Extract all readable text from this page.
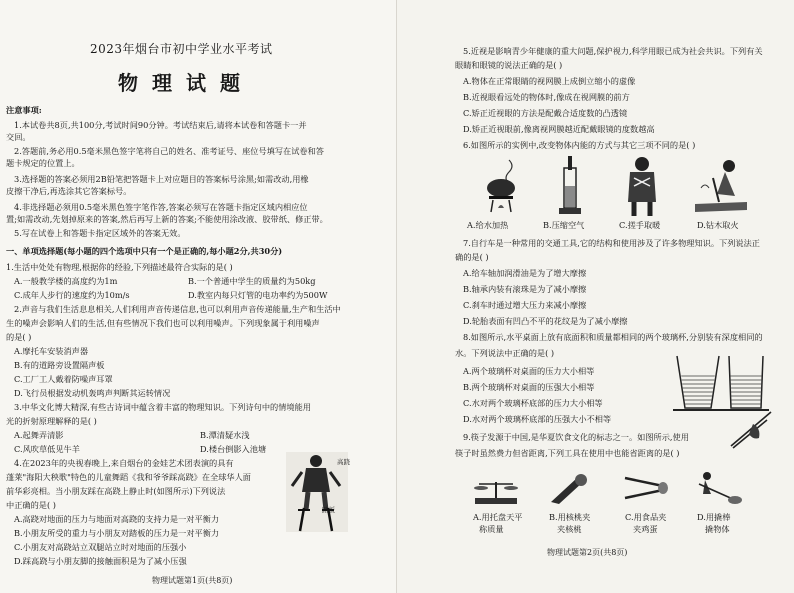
2023年烟台市初中学业水平考试
物理试题
注意事项:
1.本试卷共8页,共100分,考试时间90分钟。考试结束后,请将本试卷和答题卡一并
交回。
2.答题前,务必用0.5毫米黑色签字笔将自己的姓名、准考证号、座位号填写在试卷和答
题卡规定的位置上。
3.选择题的答案必须用2B铅笔把答题卡上对应题目的答案标号涂黑;如需改动,用橡
皮擦干净后,再选涂其它答案标号。
4.非选择题必须用0.5毫米黑色签字笔作答,答案必须写在答题卡指定区域内相应位
置;如需改动,先划掉原来的答案,然后再写上新的答案;不能使用涂改液、胶带纸、修正带。
5.写在试卷上和答题卡指定区域外的答案无效。
一、单项选择题(每小题的四个选项中只有一个是正确的,每小题2分,共30分)
1.生活中处处有物理,根据你的经验,下列描述最符合实际的是( )
A.一般教学楼的高度约为1m	B.一个普通中学生的质量约为50kg
C.成年人步行的速度约为10m/s	D.教室内每只灯管的电功率约为500W
2.声音与我们生活息息相关,人们利用声音传递信息,也可以利用声音传递能量,生产和生活中
生的噪声会影响人们的生活,但有些情况下我们也可以利用噪声。下列现象属于利用噪声
的是( )
A.摩托车安装消声器
B.有的道路旁设置隔声板
C.工厂工人戴着防噪声耳罩
D.飞行员根据发动机轰鸣声判断其运转情况
3.中华文化博大精深,有些古诗词中蕴含着丰富的物理知识。下列诗句中的情境能用
光的折射原理解释的是( )
A.起舞弄清影	B.潭清疑水浅
C.风吹草低见牛羊	D.楼台倒影入池塘
4.在2023年的央视春晚上,来自烟台的金娃艺术团表演的具有
蓬莱"海阳大秧歌"特色的儿童舞蹈《我和爷爷踩高跷》在全球华人面
前华彩亮相。当小朋友踩在高跷上静止时(如图所示)下列说法
中正确的是( )
A.高跷对地面的压力与地面对高跷的支持力是一对平衡力
B.小朋友所受的重力与小朋友对踏板的压力是一对平衡力
C.小朋友对高跷站立双腿站立时对地面的压强小
D.踩高跷与小朋友脚的接触面积是为了减小压强
高跷
踏板
物理试题第1页(共8页)
5.近视是影响青少年健康的重大问题,保护视力,科学用眼已成为社会共识。下列有关
眼睛和眼镜的说法正确的是( )
A.物体在正常眼睛的视网膜上成倒立缩小的虚像
B.近视眼看远处的物体时,像成在视网膜的前方
C.矫正近视眼的方法是配戴合适度数的凸透镜
D.矫正近视眼前,像离视网膜越近配戴眼镜的度数越高
6.如图所示的实例中,改变物体内能的方式与其它三项不同的是( )
A.给水加热	B.压缩空气	C.搓手取暖	D.钻木取火
7.自行车是一种常用的交通工具,它的结构和使用涉及了许多物理知识。下列说法正
确的是( )
A.给车轴加润滑油是为了增大摩擦
B.轴承内装有滚珠是为了减小摩擦
C.刹车时通过增大压力来减小摩擦
D.轮胎表面有凹凸不平的花纹是为了减小摩擦
8.如图所示,水平桌面上放有底面积和质量都相同的两个玻璃杯,分别装有深度相同的
水。下列说法中正确的是( )
A.两个玻璃杯对桌面的压力大小相等
B.两个玻璃杯对桌面的压强大小相等
C.水对两个玻璃杯底部的压力大小相等
D.水对两个玻璃杯底部的压强大小不相等
9.筷子发源于中国,是华夏饮食文化的标志之一。如图所示,使用
筷子时虽然费力但省距离,下列工具在使用中也能省距离的是( )
A.用托盘天平
称质量
B.用核桃夹
夹核桃
C.用食品夹
夹鸡蛋
D.用撬棒
撬物体
物理试题第2页(共8页)
